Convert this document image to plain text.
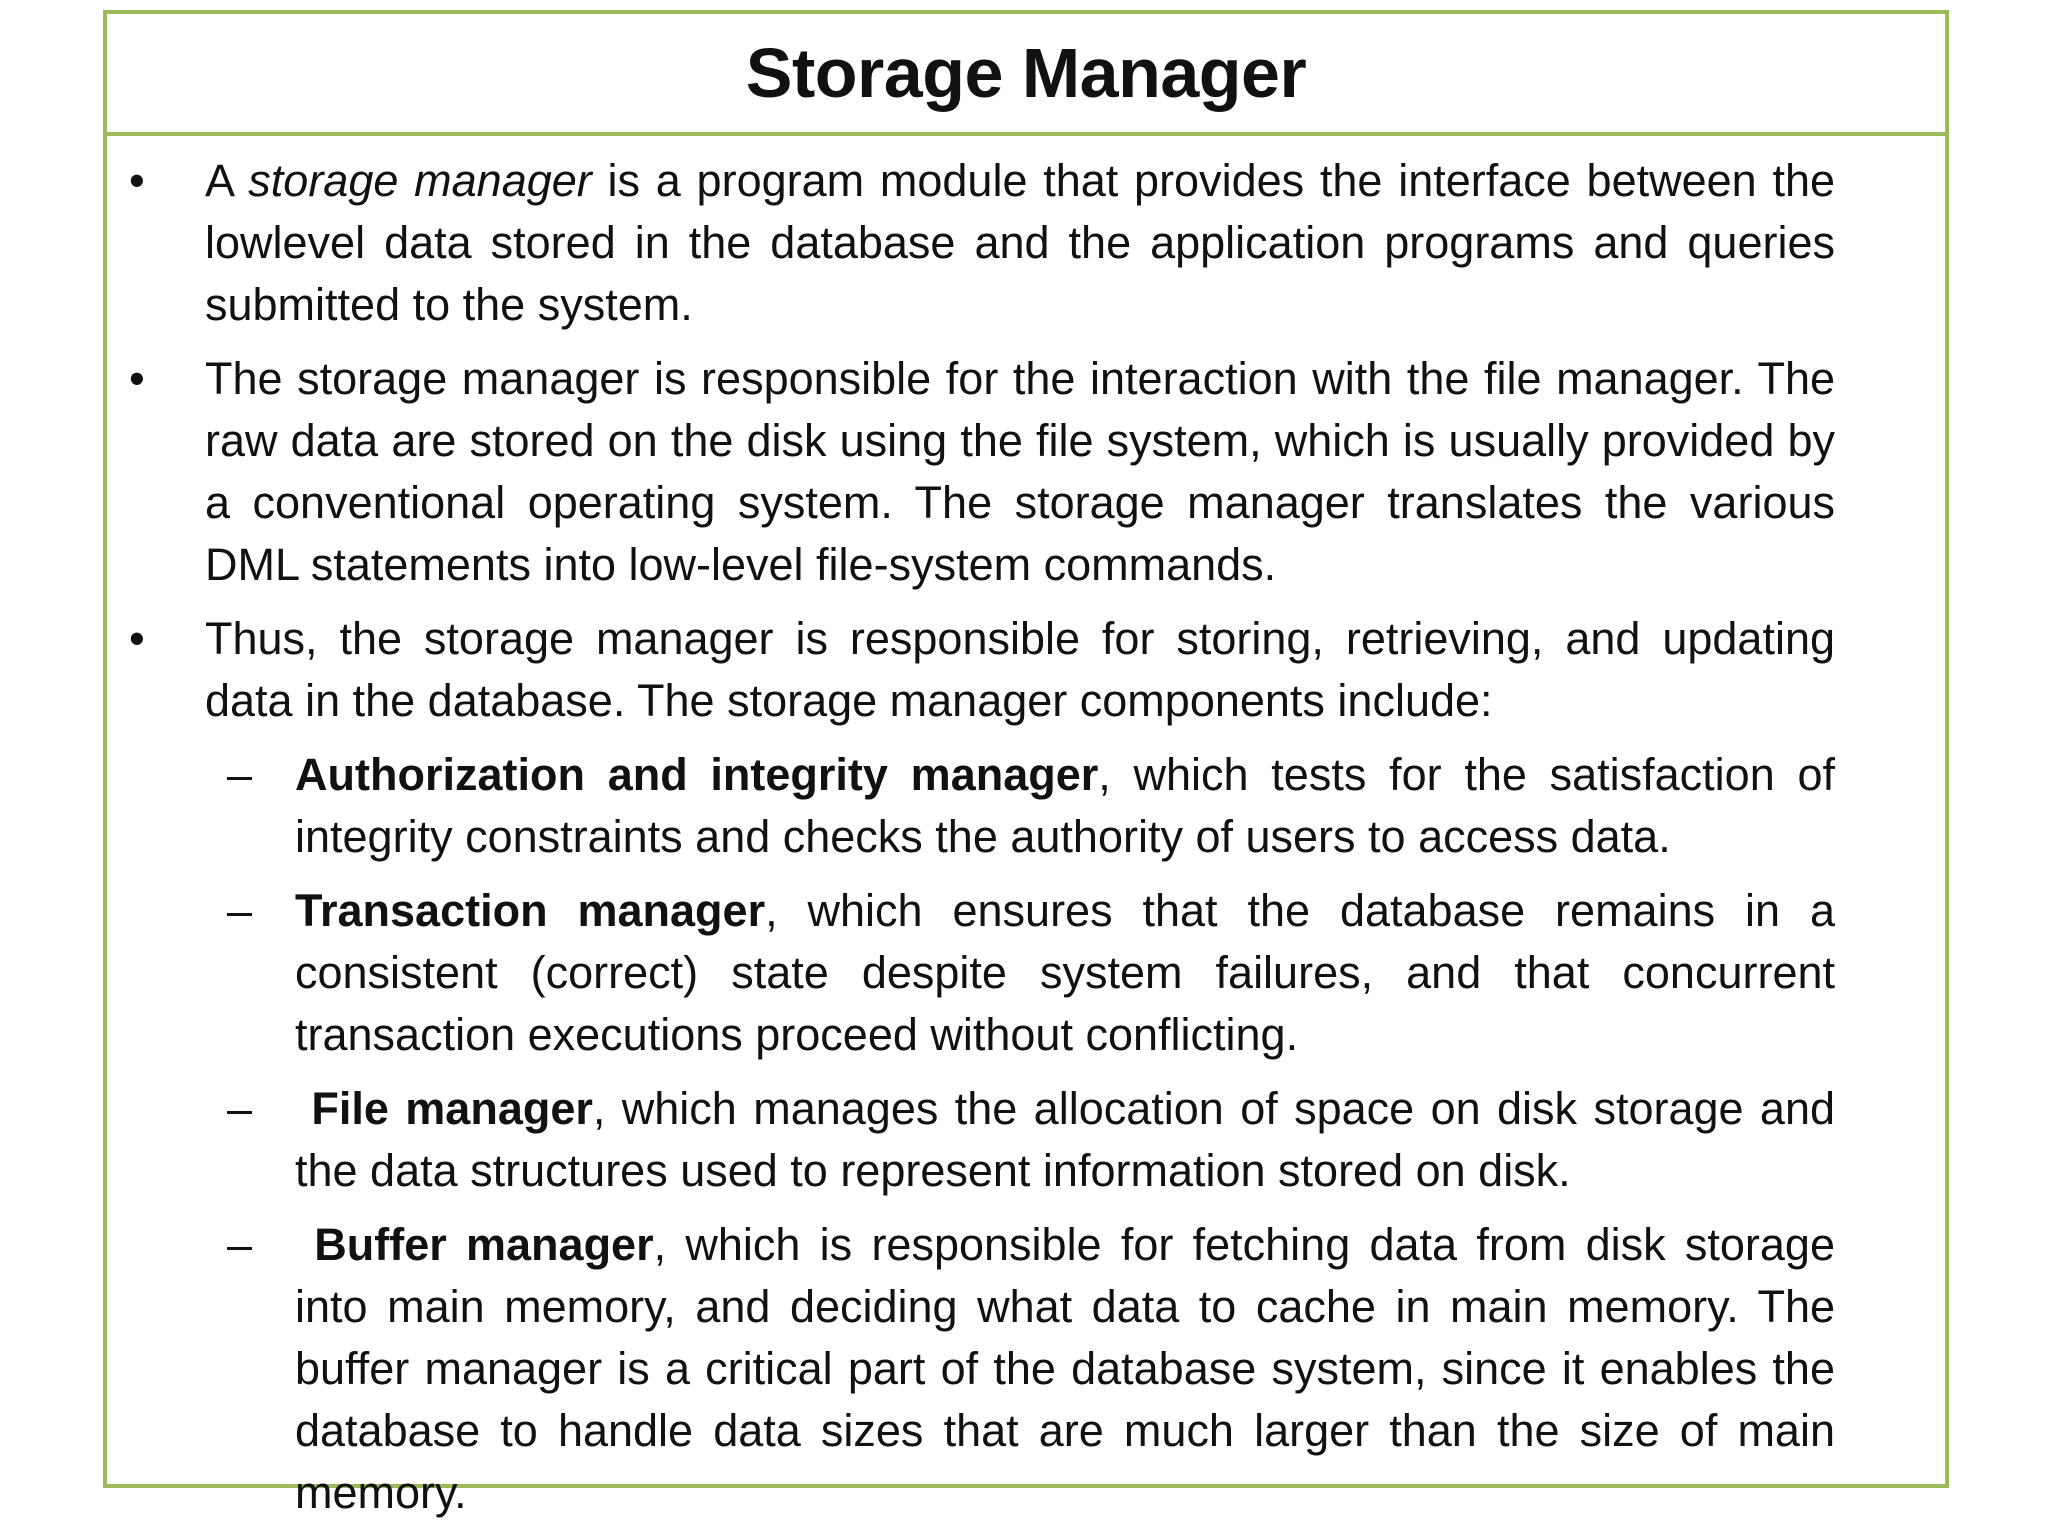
Storage Manager
• A storage manager is a program module that provides the interface between the lowlevel data stored in the database and the application programs and queries submitted to the system.
• The storage manager is responsible for the interaction with the file manager. The raw data are stored on the disk using the file system, which is usually provided by a conventional operating system. The storage manager translates the various DML statements into low-level file-system commands.
• Thus, the storage manager is responsible for storing, retrieving, and updating data in the database. The storage manager components include:
– Authorization and integrity manager, which tests for the satisfaction of integrity constraints and checks the authority of users to access data.
– Transaction manager, which ensures that the database remains in a consistent (correct) state despite system failures, and that concurrent transaction executions proceed without conflicting.
– File manager, which manages the allocation of space on disk storage and the data structures used to represent information stored on disk.
– Buffer manager, which is responsible for fetching data from disk storage into main memory, and deciding what data to cache in main memory. The buffer manager is a critical part of the database system, since it enables the database to handle data sizes that are much larger than the size of main memory.
